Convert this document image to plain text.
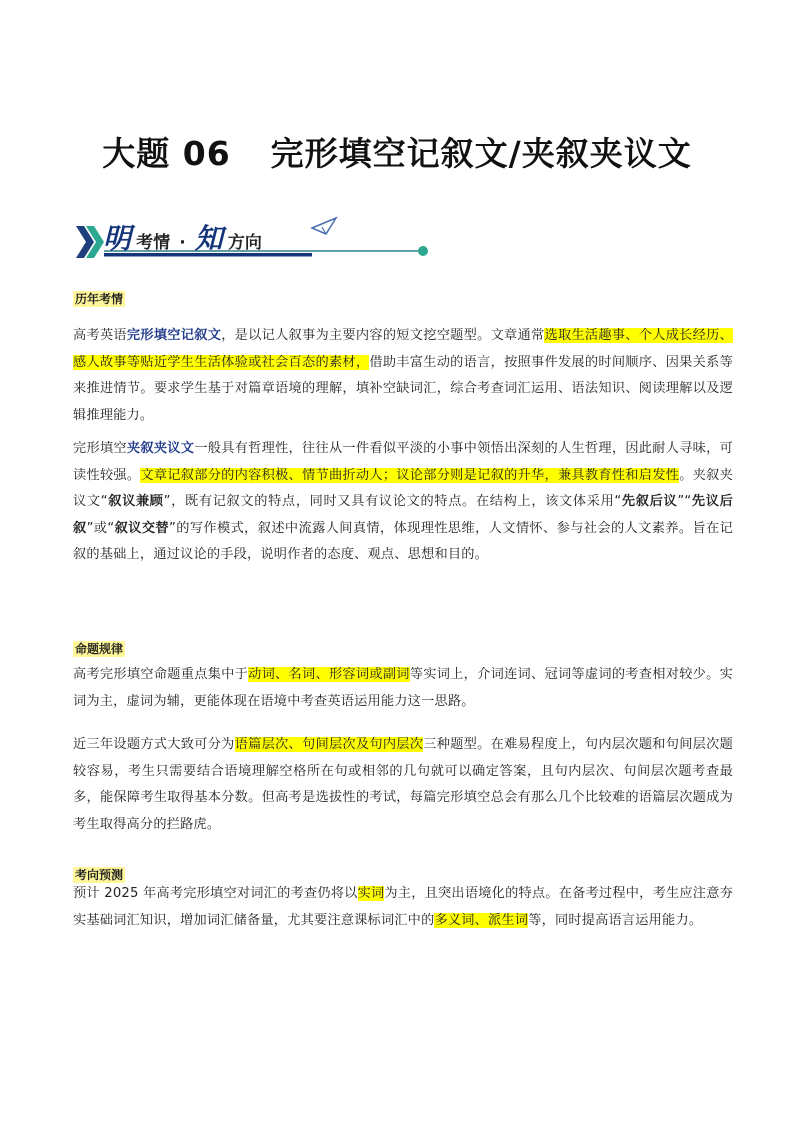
大题 06 完形填空记叙文/夹叙夹议文
明 考情 · 知 方向
历年考情

高考英语完形填空记叙文，是以记人叙事为主要内容的短文挖空题型。文章通常选取生活趣事、个人成长经历、感人故事等贴近学生生活体验或社会百态的素材，借助丰富生动的语言，按照事件发展的时间顺序、因果关系等来推进情节。要求学生基于对篇章语境的理解，填补空缺词汇，综合考查词汇运用、语法知识、阅读理解以及逻辑推理能力。

完形填空夹叙夹议文一般具有哲理性，往往从一件看似平淡的小事中领悟出深刻的人生哲理，因此耐人寻味，可读性较强。文章记叙部分的内容积极、情节曲折动人；议论部分则是记叙的升华，兼具教育性和启发性。夹叙夹议文“叙议兼顾”，既有记叙文的特点，同时又具有议论文的特点。在结构上，该文体采用“先叙后议”“先议后叙”或“叙议交替”的写作模式，叙述中流露人间真情，体现理性思维，人文情怀、参与社会的人文素养。旨在记叙的基础上，通过议论的手段，说明作者的态度、观点、思想和目的。

命题规律

高考完形填空命题重点集中于动词、名词、形容词或副词等实词上，介词连词、冠词等虚词的考查相对较少。实词为主，虚词为辅，更能体现在语境中考查英语运用能力这一思路。

近三年设题方式大致可分为语篇层次、句间层次及句内层次三种题型。在难易程度上，句内层次题和句间层次题较容易，考生只需要结合语境理解空格所在句或相邻的几句就可以确定答案，且句内层次、句间层次题考查最多，能保障考生取得基本分数。但高考是选拔性的考试，每篇完形填空总会有那么几个比较难的语篇层次题成为考生取得高分的拦路虎。

考向预测

预计 2025 年高考完形填空对词汇的考查仍将以实词为主，且突出语境化的特点。在备考过程中，考生应注意夯实基础词汇知识，增加词汇储备量，尤其要注意课标词汇中的多义词、派生词等，同时提高语言运用能力。
